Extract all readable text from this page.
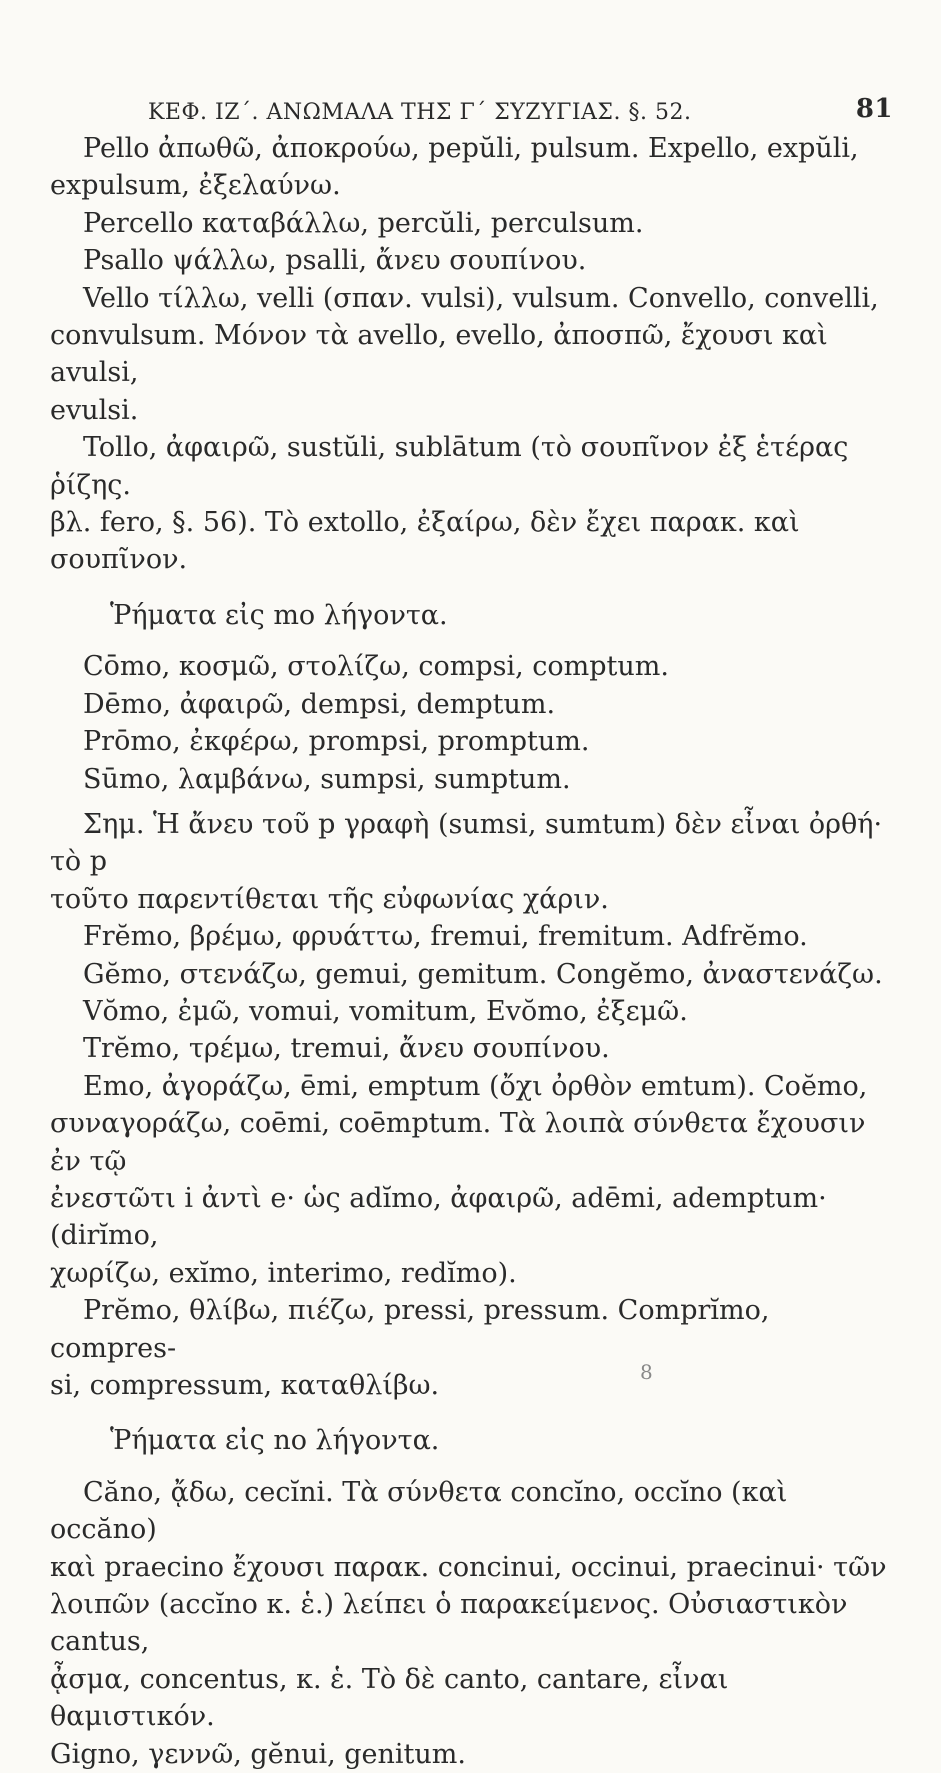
ΚΕΦ. ΙΖ΄. ΑΝΩΜΑΛΑ ΤΗΣ Γ΄ ΣΥΖΥΓΙΑΣ. §. 52.	81

Pello ἀπωθῶ, ἀποκρούω, pepŭli, pulsum. Expello, expŭli,

expulsum, ἐξελαύνω.

Percello καταβάλλω, percŭli, perculsum.

Psallo ψάλλω, psalli, ἄνευ σουπίνου.

Vello τίλλω, velli (σπαν. vulsi), vulsum. Convello, convelli,

convulsum. Μόνον τὰ avello, evello, ἀποσπῶ, ἔχουσι καὶ avulsi,

evulsi.

Tollo, ἀφαιρῶ, sustŭli, sublātum (τὸ σουπῖνον ἐξ ἑτέρας ῥίζης.

βλ. fero, §. 56). Τὸ extollo, ἐξαίρω, δὲν ἔχει παρακ. καὶ σουπῖνον.

Ῥήματα εἰς mo λήγοντα.

Cōmo, κοσμῶ, στολίζω, compsi, comptum.

Dēmo, ἀφαιρῶ, dempsi, demptum.

Prōmo, ἐκφέρω, prompsi, promptum.

Sūmo, λαμβάνω, sumpsi, sumptum.

Σημ. Ἡ ἄνευ τοῦ p γραφὴ (sumsi, sumtum) δὲν εἶναι ὀρθή· τὸ p

τοῦτο παρεντίθεται τῆς εὐφωνίας χάριν.

Frĕmo, βρέμω, φρυάττω, fremui, fremitum. Adfrĕmo.

Gĕmo, στενάζω, gemui, gemitum. Congĕmo, ἀναστενάζω.

Vŏmo, ἐμῶ, vomui, vomitum, Evŏmo, ἐξεμῶ.

Trĕmo, τρέμω, tremui, ἄνευ σουπίνου.

Emo, ἀγοράζω, ēmi, emptum (ὄχι ὀρθὸν emtum). Coĕmo,

συναγοράζω, coēmi, coēmptum. Τὰ λοιπὰ σύνθετα ἔχουσιν ἐν τῷ

ἐνεστῶτι i ἀντὶ e· ὡς adĭmo, ἀφαιρῶ, adēmi, ademptum· (dirĭmo,

χωρίζω, exĭmo, interimo, redĭmo).

Prĕmo, θλίβω, πιέζω, pressi, pressum. Comprĭmo, compres-

si, compressum, καταθλίβω.

Ῥήματα εἰς no λήγοντα.

Căno, ᾄδω, cecĭni. Τὰ σύνθετα concĭno, occĭno (καὶ occăno)

καὶ praecino ἔχουσι παρακ. concinui, occinui, praecinui· τῶν

λοιπῶν (accĭno κ. ἑ.) λείπει ὁ παρακείμενος. Οὐσιαστικὸν cantus,

ᾆσμα, concentus, κ. ἑ. Τὸ δὲ canto, cantare, εἶναι θαμιστικόν.

Gigno, γεννῶ, gĕnui, genitum.

8
